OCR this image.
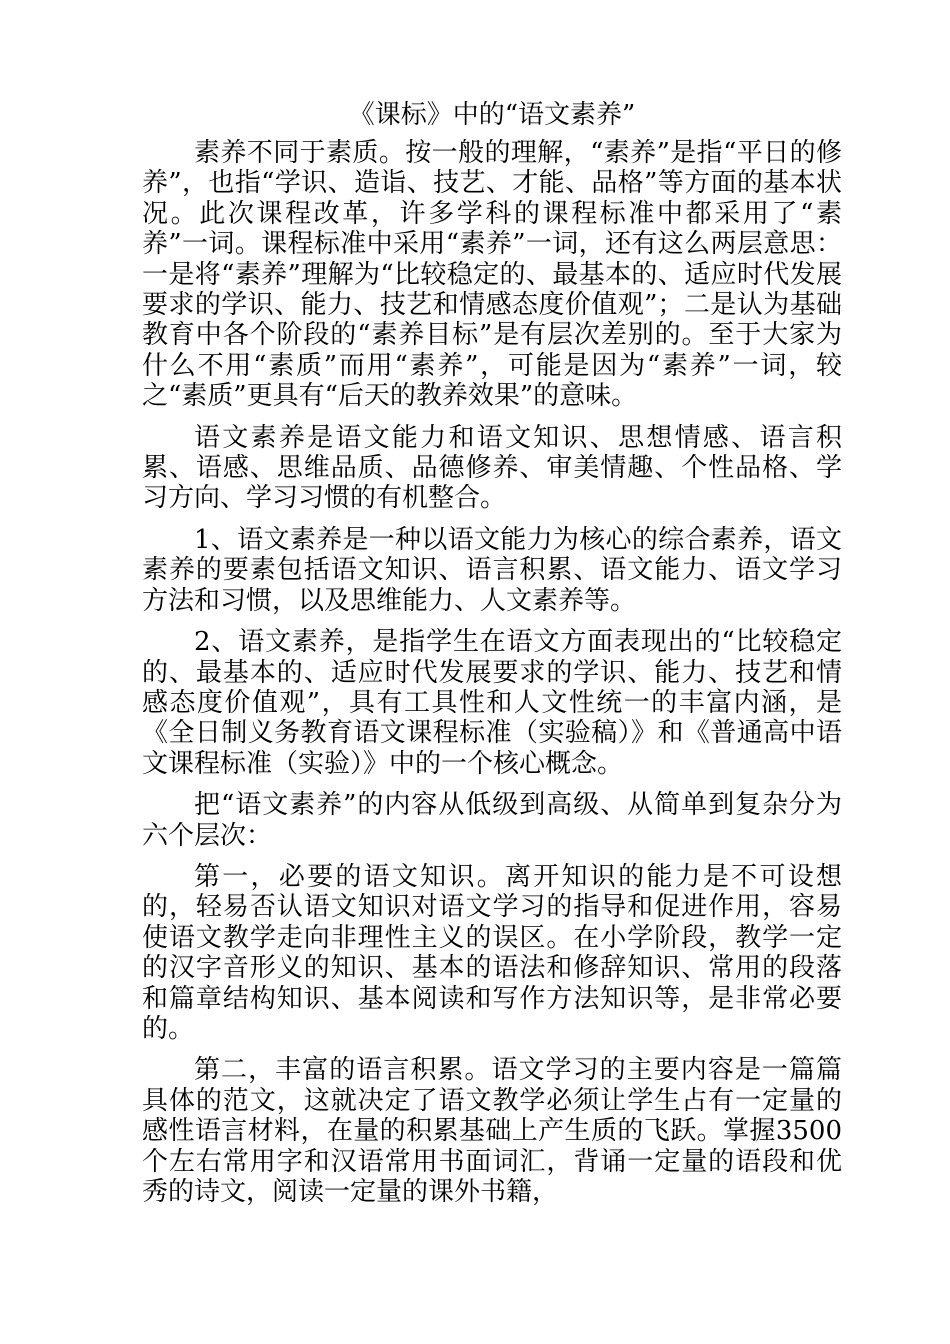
《课标》中的“语文素养”

素养不同于素质。按一般的理解，“素养”是指“平日的修养”，也指“学识、造诣、技艺、才能、品格”等方面的基本状况。此次课程改革，许多学科的课程标准中都采用了“素养”一词。课程标准中采用“素养”一词，还有这么两层意思：一是将“素养”理解为“比较稳定的、最基本的、适应时代发展要求的学识、能力、技艺和情感态度价值观”；二是认为基础教育中各个阶段的“素养目标”是有层次差别的。至于大家为什么不用“素质”而用“素养”，可能是因为“素养”一词，较之“素质”更具有“后天的教养效果”的意味。

语文素养是语文能力和语文知识、思想情感、语言积累、语感、思维品质、品德修养、审美情趣、个性品格、学习方向、学习习惯的有机整合。

1、语文素养是一种以语文能力为核心的综合素养，语文素养的要素包括语文知识、语言积累、语文能力、语文学习方法和习惯，以及思维能力、人文素养等。

2、语文素养，是指学生在语文方面表现出的“比较稳定的、最基本的、适应时代发展要求的学识、能力、技艺和情感态度价值观”，具有工具性和人文性统一的丰富内涵，是《全日制义务教育语文课程标准（实验稿）》和《普通高中语文课程标准（实验）》中的一个核心概念。

把“语文素养”的内容从低级到高级、从简单到复杂分为六个层次：

第一，必要的语文知识。离开知识的能力是不可设想的，轻易否认语文知识对语文学习的指导和促进作用，容易使语文教学走向非理性主义的误区。在小学阶段，教学一定的汉字音形义的知识、基本的语法和修辞知识、常用的段落和篇章结构知识、基本阅读和写作方法知识等，是非常必要的。

第二，丰富的语言积累。语文学习的主要内容是一篇篇具体的范文，这就决定了语文教学必须让学生占有一定量的感性语言材料，在量的积累基础上产生质的飞跃。掌握3500个左右常用字和汉语常用书面词汇，背诵一定量的语段和优秀的诗文，阅读一定量的课外书籍，
